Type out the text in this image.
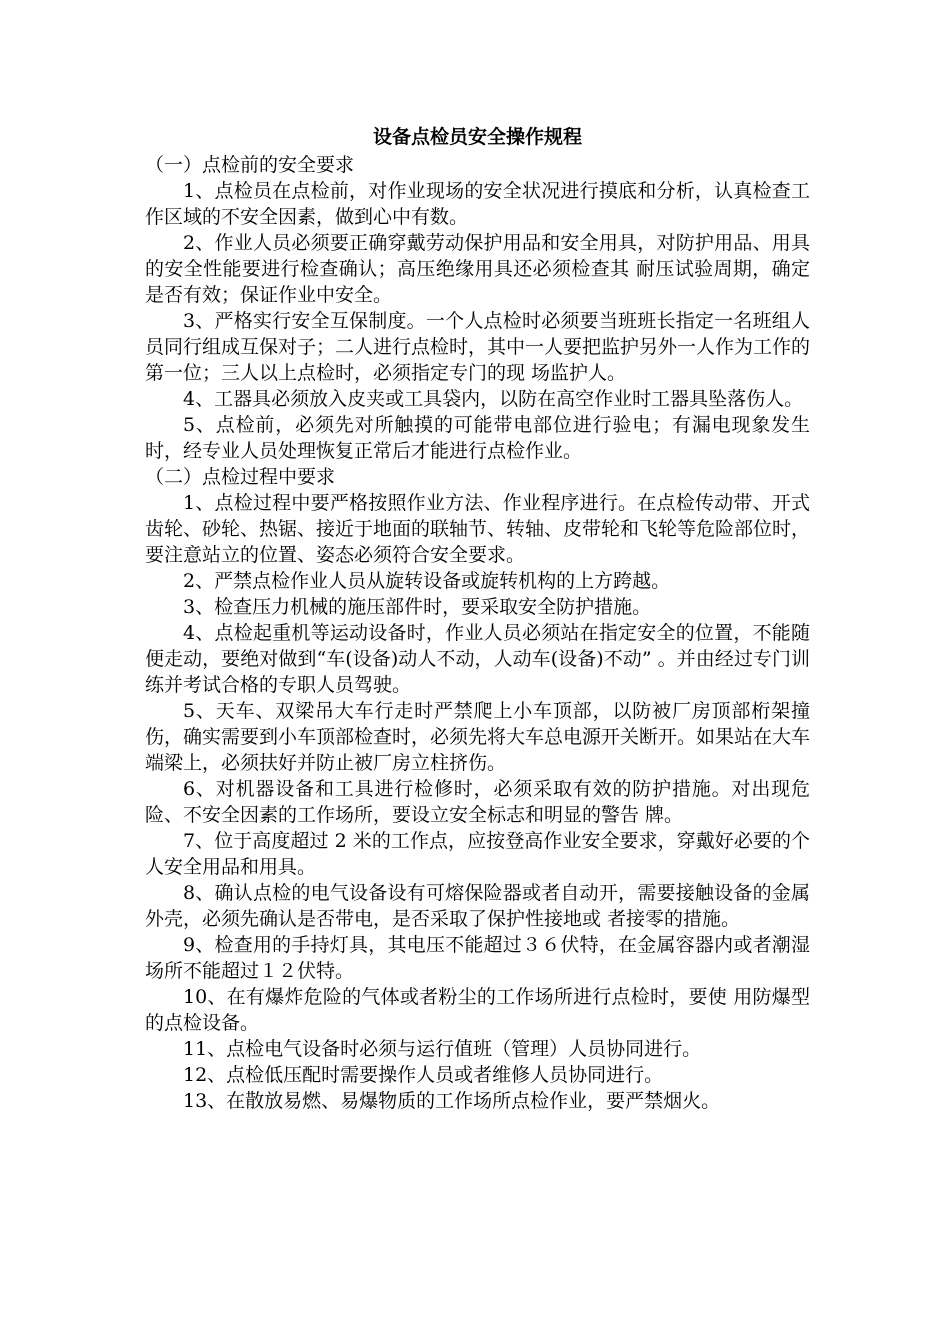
设备点检员安全操作规程

（一）点检前的安全要求

1、点检员在点检前，对作业现场的安全状况进行摸底和分析，认真检查工作区域的不安全因素，做到心中有数。

2、作业人员必须要正确穿戴劳动保护用品和安全用具，对防护用品、用具的安全性能要进行检查确认；高压绝缘用具还必须检查其 耐压试验周期，确定是否有效；保证作业中安全。

3、严格实行安全互保制度。一个人点检时必须要当班班长指定一名班组人员同行组成互保对子；二人进行点检时，其中一人要把监护另外一人作为工作的第一位；三人以上点检时，必须指定专门的现 场监护人。

4、工器具必须放入皮夹或工具袋内，以防在高空作业时工器具坠落伤人。

5、点检前，必须先对所触摸的可能带电部位进行验电；有漏电现象发生时，经专业人员处理恢复正常后才能进行点检作业。

（二）点检过程中要求

1、点检过程中要严格按照作业方法、作业程序进行。在点检传动带、开式齿轮、砂轮、热锯、接近于地面的联轴节、转轴、皮带轮和飞轮等危险部位时，要注意站立的位置、姿态必须符合安全要求。

2、严禁点检作业人员从旋转设备或旋转机构的上方跨越。

3、检查压力机械的施压部件时，要采取安全防护措施。

4、点检起重机等运动设备时，作业人员必须站在指定安全的位置，不能随便走动，要绝对做到“车(设备)动人不动，人动车(设备)不动” 。并由经过专门训练并考试合格的专职人员驾驶。

5、天车、双梁吊大车行走时严禁爬上小车顶部，以防被厂房顶部桁架撞伤，确实需要到小车顶部检查时，必须先将大车总电源开关断开。如果站在大车端梁上，必须扶好并防止被厂房立柱挤伤。

6、对机器设备和工具进行检修时，必须采取有效的防护措施。对出现危险、不安全因素的工作场所，要设立安全标志和明显的警告 牌。

7、位于高度超过 2 米的工作点，应按登高作业安全要求，穿戴好必要的个人安全用品和用具。

8、确认点检的电气设备设有可熔保险器或者自动开，需要接触设备的金属外壳，必须先确认是否带电，是否采取了保护性接地或 者接零的措施。

9、检查用的手持灯具，其电压不能超过３６伏特，在金属容器内或者潮湿场所不能超过１２伏特。

10、在有爆炸危险的气体或者粉尘的工作场所进行点检时，要使 用防爆型的点检设备。

11、点检电气设备时必须与运行值班（管理）人员协同进行。

12、点检低压配时需要操作人员或者维修人员协同进行。

13、在散放易燃、易爆物质的工作场所点检作业，要严禁烟火。
